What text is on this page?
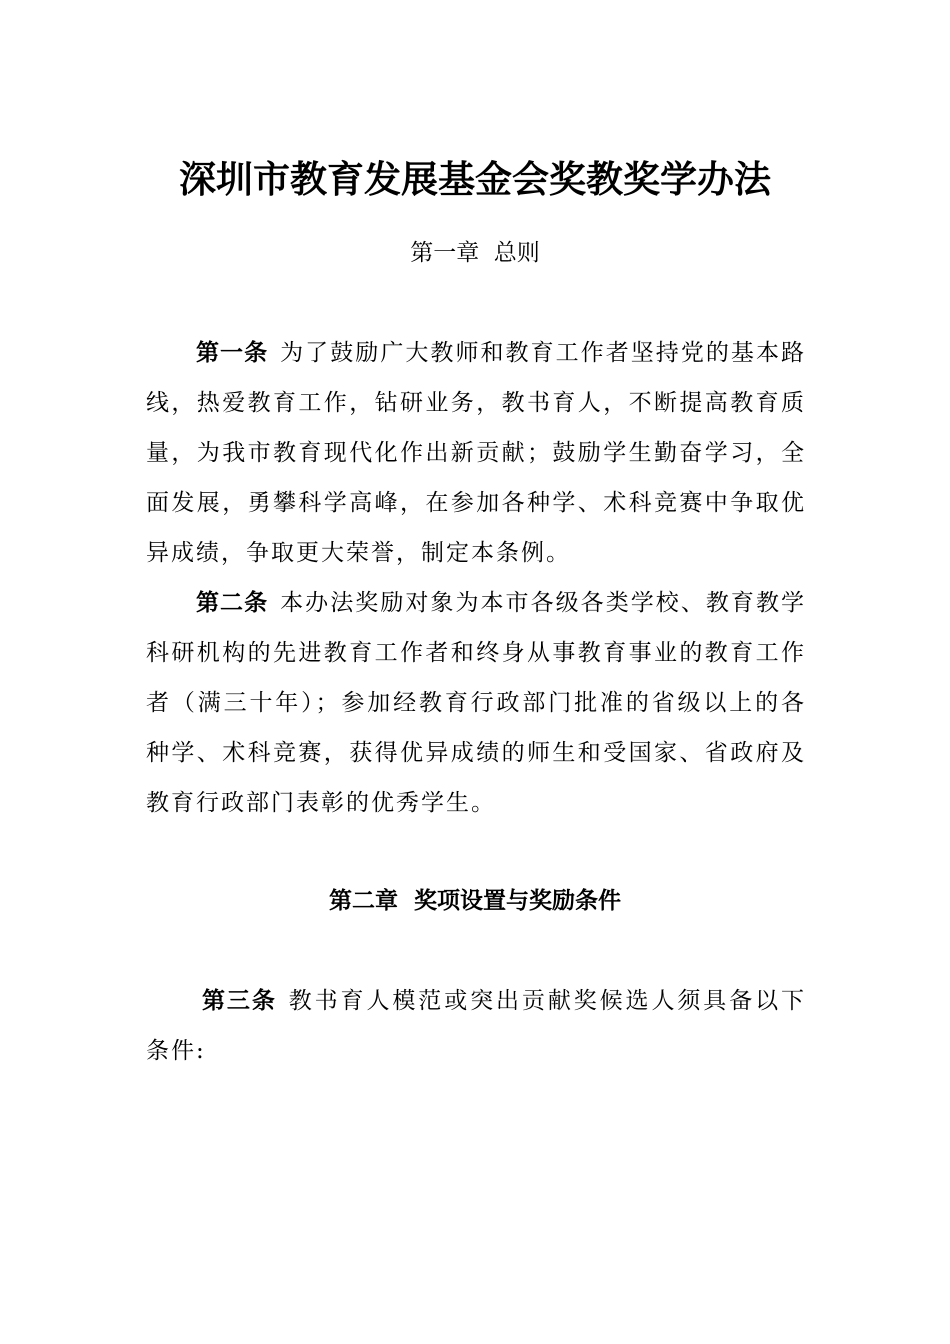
深圳市教育发展基金会奖教奖学办法
第一章  总则

第一条 为了鼓励广大教师和教育工作者坚持党的基本路线，热爱教育工作，钻研业务，教书育人，不断提高教育质量，为我市教育现代化作出新贡献；鼓励学生勤奋学习，全面发展，勇攀科学高峰，在参加各种学、术科竞赛中争取优异成绩，争取更大荣誉，制定本条例。

第二条 本办法奖励对象为本市各级各类学校、教育教学科研机构的先进教育工作者和终身从事教育事业的教育工作者（满三十年）；参加经教育行政部门批准的省级以上的各种学、术科竞赛，获得优异成绩的师生和受国家、省政府及教育行政部门表彰的优秀学生。

第二章  奖项设置与奖励条件

第三条 教书育人模范或突出贡献奖候选人须具备以下条件:
